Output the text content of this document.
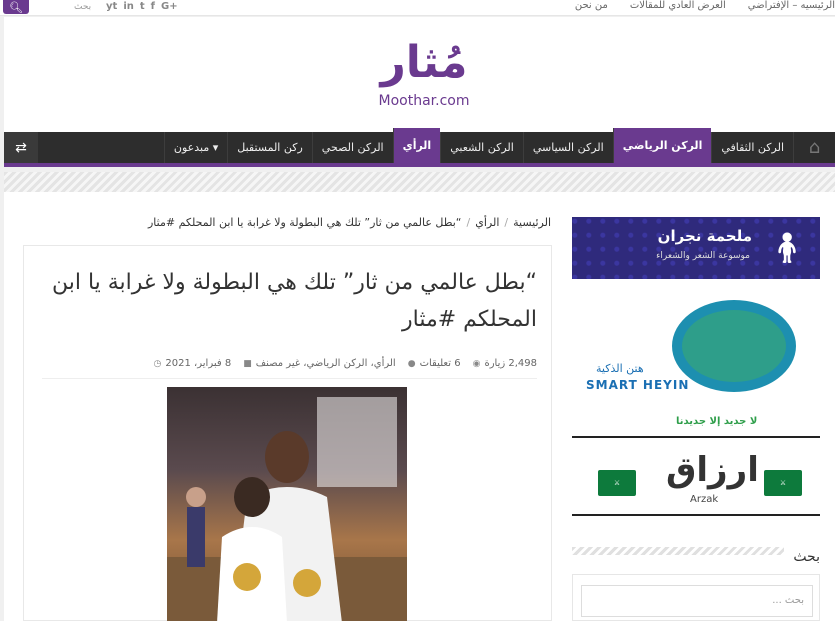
الرئيسيه – الإفتراضي
العرض العادي للمقالات
من نحن
🔍︎	بحث yt in t f G+
مُثار
Moothar.com
⌂
الركن الثقافي
الركن الرياضي
الركن السياسي
الركن الشعبي
الرأي
الركن الصحي
ركن المستقبل
مبدعون ▾
⇄
الرئيسية/الرأي/“بطل عالمي من ثار” تلك هي البطولة ولا غرابة يا ابن المحلكم #مثار
“بطل عالمي من ثار” تلك هي البطولة ولا غرابة يا ابن المحلكم #مثار
◷ 8 فبراير، 2021 ■ الرأي، الركن الرياضي، غير مصنف ● 6 تعليقات ◉ 2,498 زيارة
ملحمة نجران
موسوعة الشعر والشعراء 🧍︎
هتن الذكية
SMART HEYIN
لا جديد إلا جديدنا
⚔	ارزاق
Arzak
⚔
بحث
بحث ...
